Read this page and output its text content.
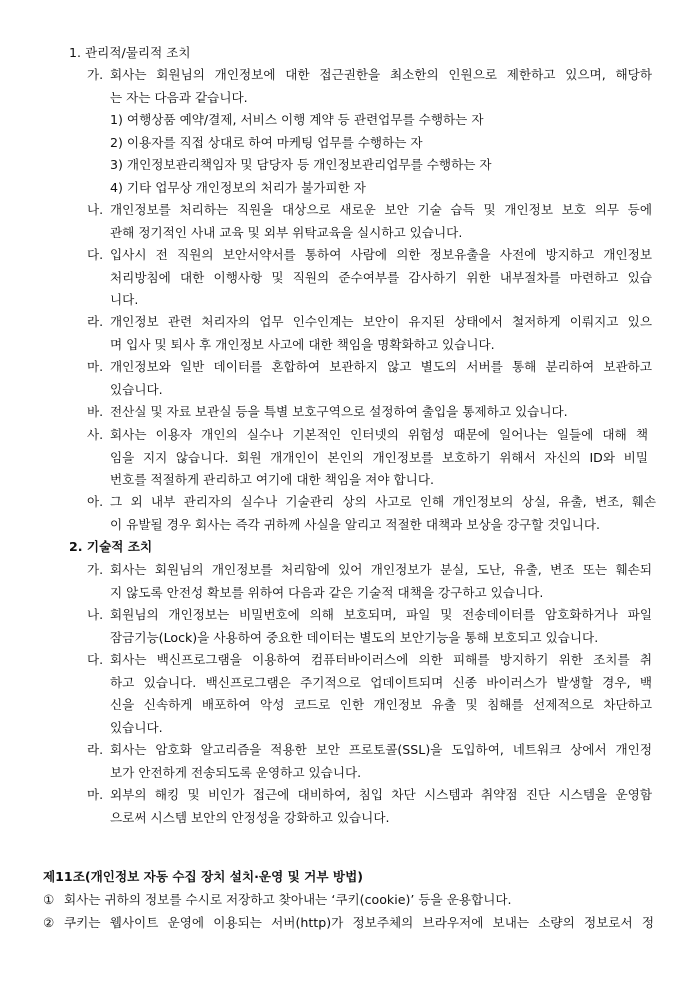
1. 관리적/물리적 조치
가. 회사는 회원님의 개인정보에 대한 접근권한을 최소한의 인원으로 제한하고 있으며, 해당하
는 자는 다음과 같습니다.
1) 여행상품 예약/결제, 서비스 이행 계약 등 관련업무를 수행하는 자
2) 이용자를 직접 상대로 하여 마케팅 업무를 수행하는 자
3) 개인정보관리책임자 및 담당자 등 개인정보관리업무를 수행하는 자
4) 기타 업무상 개인정보의 처리가 불가피한 자
나. 개인정보를 처리하는 직원을 대상으로 새로운 보안 기술 습득 및 개인정보 보호 의무 등에
관해 정기적인 사내 교육 및 외부 위탁교육을 실시하고 있습니다.
다. 입사시 전 직원의 보안서약서를 통하여 사람에 의한 정보유출을 사전에 방지하고 개인정보
처리방침에 대한 이행사항 및 직원의 준수여부를 감사하기 위한 내부절차를 마련하고 있습
니다.
라. 개인정보 관련 처리자의 업무 인수인계는 보안이 유지된 상태에서 철저하게 이뤄지고 있으
며 입사 및 퇴사 후 개인정보 사고에 대한 책임을 명확화하고 있습니다.
마. 개인정보와 일반 데이터를 혼합하여 보관하지 않고 별도의 서버를 통해 분리하여 보관하고
있습니다.
바. 전산실 및 자료 보관실 등을 특별 보호구역으로 설정하여 출입을 통제하고 있습니다.
사. 회사는 이용자 개인의 실수나 기본적인 인터넷의 위험성 때문에 일어나는 일들에 대해 책
임을 지지 않습니다. 회원 개개인이 본인의 개인정보를 보호하기 위해서 자신의 ID와 비밀
번호를 적절하게 관리하고 여기에 대한 책임을 져야 합니다.
아. 그 외 내부 관리자의 실수나 기술관리 상의 사고로 인해 개인정보의 상실, 유출, 변조, 훼손
이 유발될 경우 회사는 즉각 귀하께 사실을 알리고 적절한 대책과 보상을 강구할 것입니다.
2. 기술적 조치
가. 회사는 회원님의 개인정보를 처리함에 있어 개인정보가 분실, 도난, 유출, 변조 또는 훼손되
지 않도록 안전성 확보를 위하여 다음과 같은 기술적 대책을 강구하고 있습니다.
나. 회원님의 개인정보는 비밀번호에 의해 보호되며, 파일 및 전송데이터를 암호화하거나 파일
잠금기능(Lock)을 사용하여 중요한 데이터는 별도의 보안기능을 통해 보호되고 있습니다.
다. 회사는 백신프로그램을 이용하여 컴퓨터바이러스에 의한 피해를 방지하기 위한 조치를 취
하고 있습니다. 백신프로그램은 주기적으로 업데이트되며 신종 바이러스가 발생할 경우, 백
신을 신속하게 배포하여 악성 코드로 인한 개인정보 유출 및 침해를 선제적으로 차단하고
있습니다.
라. 회사는 암호화 알고리즘을 적용한 보안 프로토콜(SSL)을 도입하여, 네트워크 상에서 개인정
보가 안전하게 전송되도록 운영하고 있습니다.
마. 외부의 해킹 및 비인가 접근에 대비하여, 침입 차단 시스템과 취약점 진단 시스템을 운영함
으로써 시스템 보안의 안정성을 강화하고 있습니다.
제11조(개인정보 자동 수집 장치 설치·운영 및 거부 방법)
① 회사는 귀하의 정보를 수시로 저장하고 찾아내는 ‘쿠키(cookie)’ 등을 운용합니다.
② 쿠키는 웹사이트 운영에 이용되는 서버(http)가 정보주체의 브라우저에 보내는 소량의 정보로서 정
